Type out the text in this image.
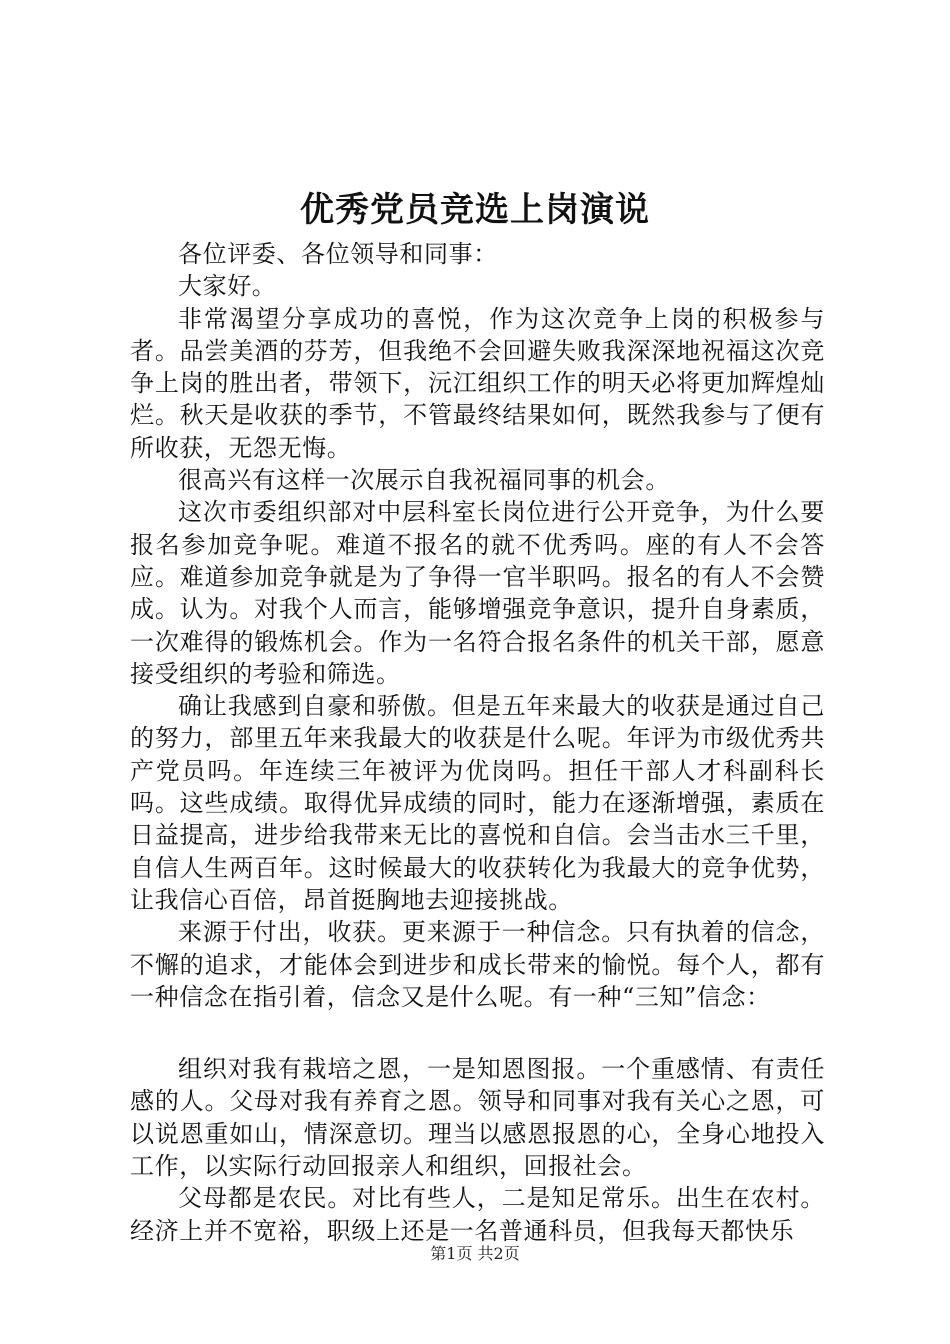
优秀党员竞选上岗演说

各位评委、各位领导和同事：

大家好。

非常渴望分享成功的喜悦，作为这次竞争上岗的积极参与者。品尝美酒的芬芳，但我绝不会回避失败我深深地祝福这次竞争上岗的胜出者，带领下，沅江组织工作的明天必将更加辉煌灿烂。秋天是收获的季节，不管最终结果如何，既然我参与了便有所收获，无怨无悔。

很高兴有这样一次展示自我祝福同事的机会。

这次市委组织部对中层科室长岗位进行公开竞争，为什么要报名参加竞争呢。难道不报名的就不优秀吗。座的有人不会答应。难道参加竞争就是为了争得一官半职吗。报名的有人不会赞成。认为。对我个人而言，能够增强竞争意识，提升自身素质，一次难得的锻炼机会。作为一名符合报名条件的机关干部，愿意接受组织的考验和筛选。

确让我感到自豪和骄傲。但是五年来最大的收获是通过自己的努力，部里五年来我最大的收获是什么呢。年评为市级优秀共产党员吗。年连续三年被评为优岗吗。担任干部人才科副科长吗。这些成绩。取得优异成绩的同时，能力在逐渐增强，素质在日益提高，进步给我带来无比的喜悦和自信。会当击水三千里，自信人生两百年。这时候最大的收获转化为我最大的竞争优势，让我信心百倍，昂首挺胸地去迎接挑战。

来源于付出，收获。更来源于一种信念。只有执着的信念，不懈的追求，才能体会到进步和成长带来的愉悦。每个人，都有一种信念在指引着，信念又是什么呢。有一种“三知”信念：

组织对我有栽培之恩，一是知恩图报。一个重感情、有责任感的人。父母对我有养育之恩。领导和同事对我有关心之恩，可以说恩重如山，情深意切。理当以感恩报恩的心，全身心地投入工作，以实际行动回报亲人和组织，回报社会。

父母都是农民。对比有些人，二是知足常乐。出生在农村。经济上并不宽裕，职级上还是一名普通科员，但我每天都快乐

第1页 共2页
